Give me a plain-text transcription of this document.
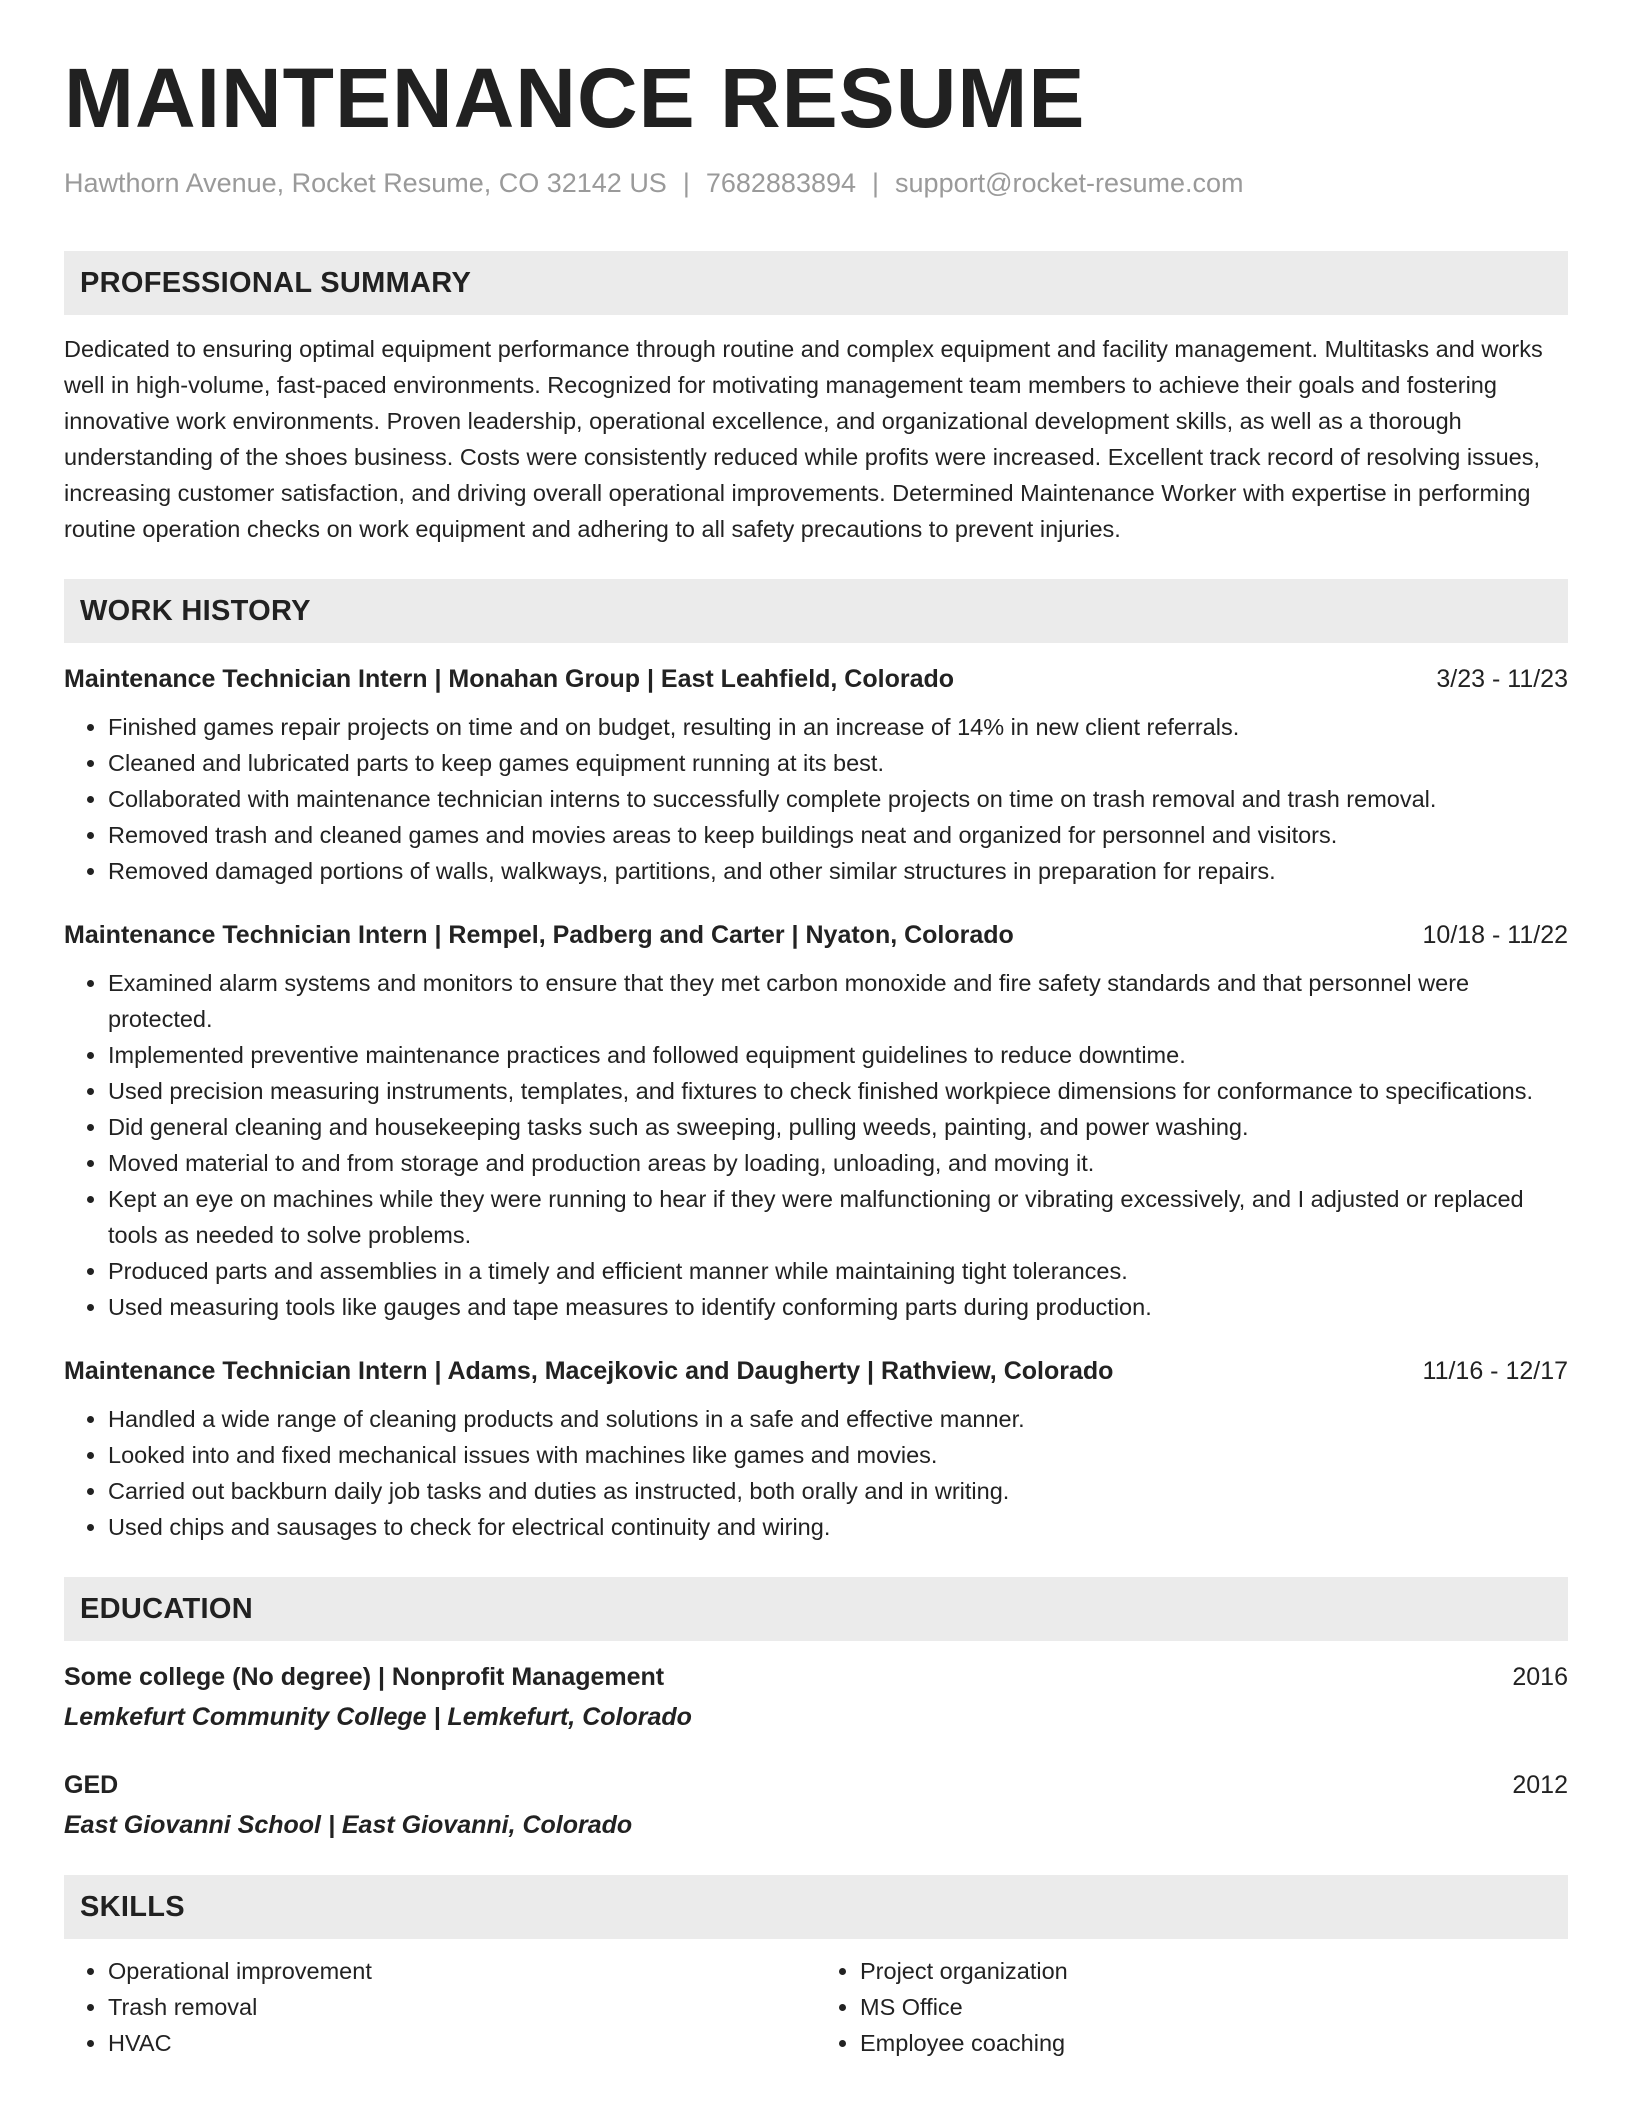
MAINTENANCE RESUME
Hawthorn Avenue, Rocket Resume, CO 32142 US | 7682883894 | support@rocket-resume.com
PROFESSIONAL SUMMARY
Dedicated to ensuring optimal equipment performance through routine and complex equipment and facility management. Multitasks and works well in high-volume, fast-paced environments. Recognized for motivating management team members to achieve their goals and fostering innovative work environments. Proven leadership, operational excellence, and organizational development skills, as well as a thorough understanding of the shoes business. Costs were consistently reduced while profits were increased. Excellent track record of resolving issues, increasing customer satisfaction, and driving overall operational improvements. Determined Maintenance Worker with expertise in performing routine operation checks on work equipment and adhering to all safety precautions to prevent injuries.
WORK HISTORY
Maintenance Technician Intern | Monahan Group | East Leahfield, Colorado	3/23 - 11/23
• Finished games repair projects on time and on budget, resulting in an increase of 14% in new client referrals.
• Cleaned and lubricated parts to keep games equipment running at its best.
• Collaborated with maintenance technician interns to successfully complete projects on time on trash removal and trash removal.
• Removed trash and cleaned games and movies areas to keep buildings neat and organized for personnel and visitors.
• Removed damaged portions of walls, walkways, partitions, and other similar structures in preparation for repairs.
Maintenance Technician Intern | Rempel, Padberg and Carter | Nyaton, Colorado	10/18 - 11/22
• Examined alarm systems and monitors to ensure that they met carbon monoxide and fire safety standards and that personnel were protected.
• Implemented preventive maintenance practices and followed equipment guidelines to reduce downtime.
• Used precision measuring instruments, templates, and fixtures to check finished workpiece dimensions for conformance to specifications.
• Did general cleaning and housekeeping tasks such as sweeping, pulling weeds, painting, and power washing.
• Moved material to and from storage and production areas by loading, unloading, and moving it.
• Kept an eye on machines while they were running to hear if they were malfunctioning or vibrating excessively, and I adjusted or replaced tools as needed to solve problems.
• Produced parts and assemblies in a timely and efficient manner while maintaining tight tolerances.
• Used measuring tools like gauges and tape measures to identify conforming parts during production.
Maintenance Technician Intern | Adams, Macejkovic and Daugherty | Rathview, Colorado	11/16 - 12/17
• Handled a wide range of cleaning products and solutions in a safe and effective manner.
• Looked into and fixed mechanical issues with machines like games and movies.
• Carried out backburn daily job tasks and duties as instructed, both orally and in writing.
• Used chips and sausages to check for electrical continuity and wiring.
EDUCATION
Some college (No degree) | Nonprofit Management	2016
Lemkefurt Community College | Lemkefurt, Colorado
GED	2012
East Giovanni School | East Giovanni, Colorado
SKILLS
• Operational improvement
• Trash removal
• HVAC
• Project organization
• MS Office
• Employee coaching
